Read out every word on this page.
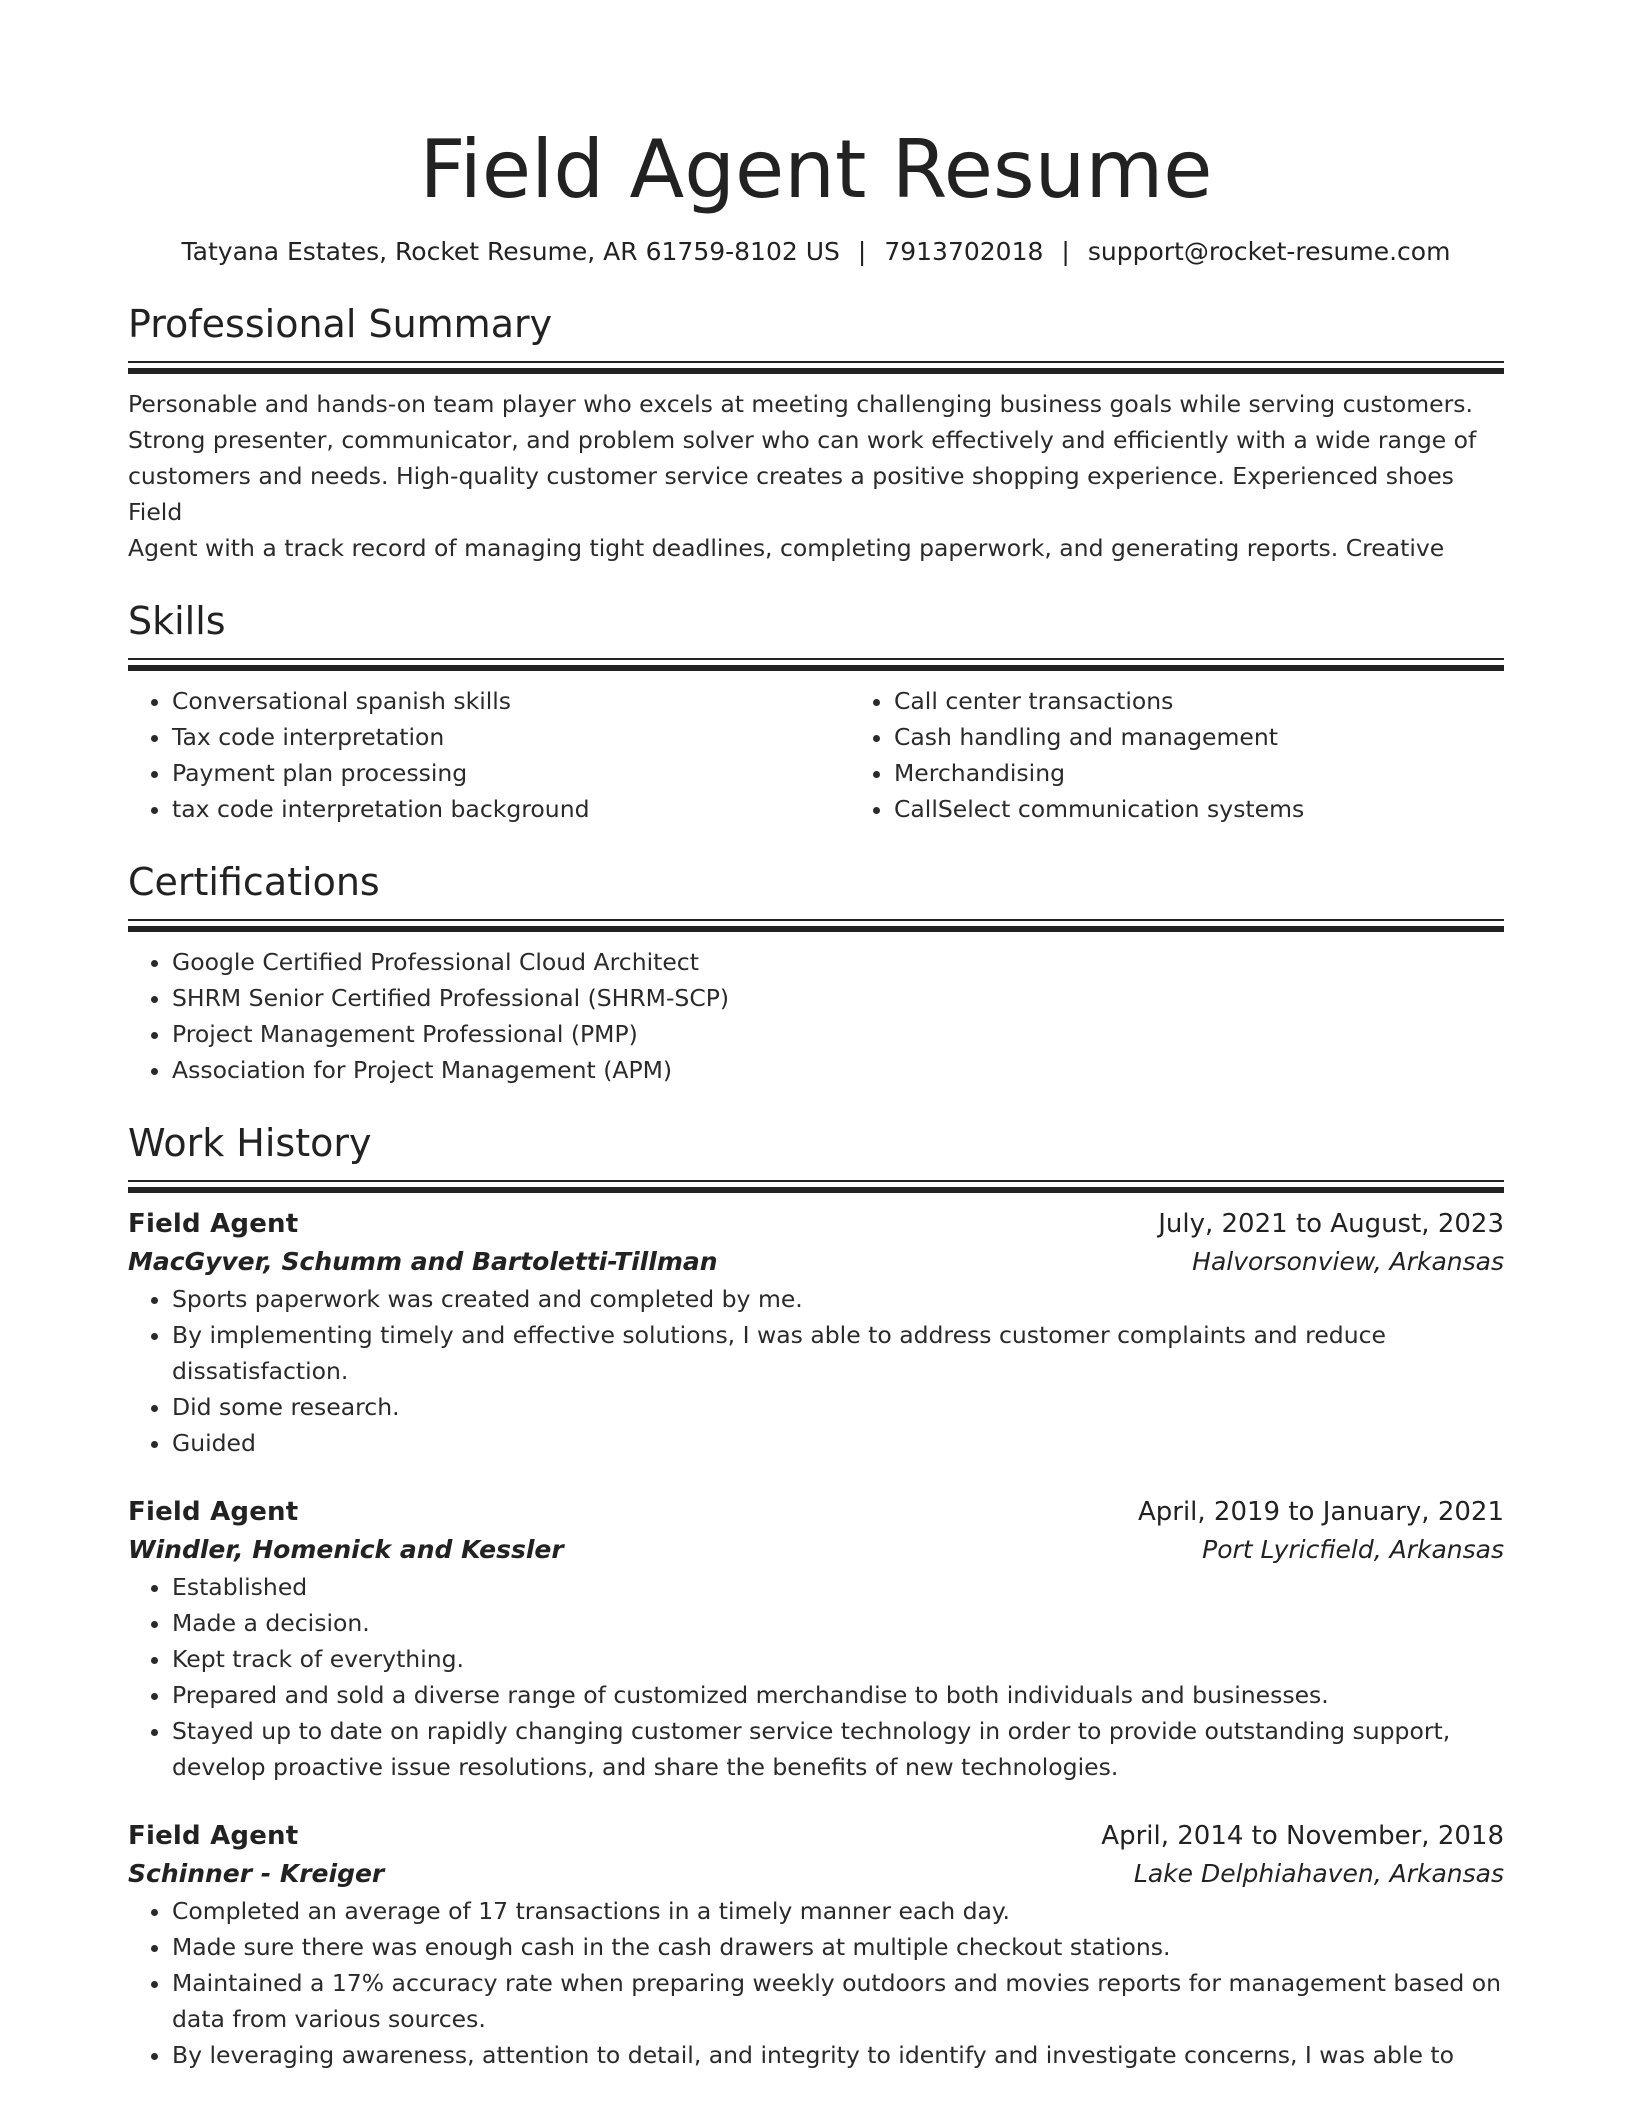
Field Agent Resume
Tatyana Estates, Rocket Resume, AR 61759-8102 US | 7913702018 | support@rocket-resume.com
Professional Summary
Personable and hands-on team player who excels at meeting challenging business goals while serving customers.
Strong presenter, communicator, and problem solver who can work effectively and efficiently with a wide range of
customers and needs. High-quality customer service creates a positive shopping experience. Experienced shoes Field
Agent with a track record of managing tight deadlines, completing paperwork, and generating reports. Creative
Skills
• Conversational spanish skills
• Tax code interpretation
• Payment plan processing
• tax code interpretation background
• Call center transactions
• Cash handling and management
• Merchandising
• CallSelect communication systems
Certifications
• Google Certified Professional Cloud Architect
• SHRM Senior Certified Professional (SHRM-SCP)
• Project Management Professional (PMP)
• Association for Project Management (APM)
Work History
Field Agent	July, 2021 to August, 2023
MacGyver, Schumm and Bartoletti-Tillman	Halvorsonview, Arkansas
• Sports paperwork was created and completed by me.
• By implementing timely and effective solutions, I was able to address customer complaints and reduce dissatisfaction.
• Did some research.
• Guided
Field Agent	April, 2019 to January, 2021
Windler, Homenick and Kessler	Port Lyricfield, Arkansas
• Established
• Made a decision.
• Kept track of everything.
• Prepared and sold a diverse range of customized merchandise to both individuals and businesses.
• Stayed up to date on rapidly changing customer service technology in order to provide outstanding support, develop proactive issue resolutions, and share the benefits of new technologies.
Field Agent	April, 2014 to November, 2018
Schinner - Kreiger	Lake Delphiahaven, Arkansas
• Completed an average of 17 transactions in a timely manner each day.
• Made sure there was enough cash in the cash drawers at multiple checkout stations.
• Maintained a 17% accuracy rate when preparing weekly outdoors and movies reports for management based on data from various sources.
• By leveraging awareness, attention to detail, and integrity to identify and investigate concerns, I was able to
